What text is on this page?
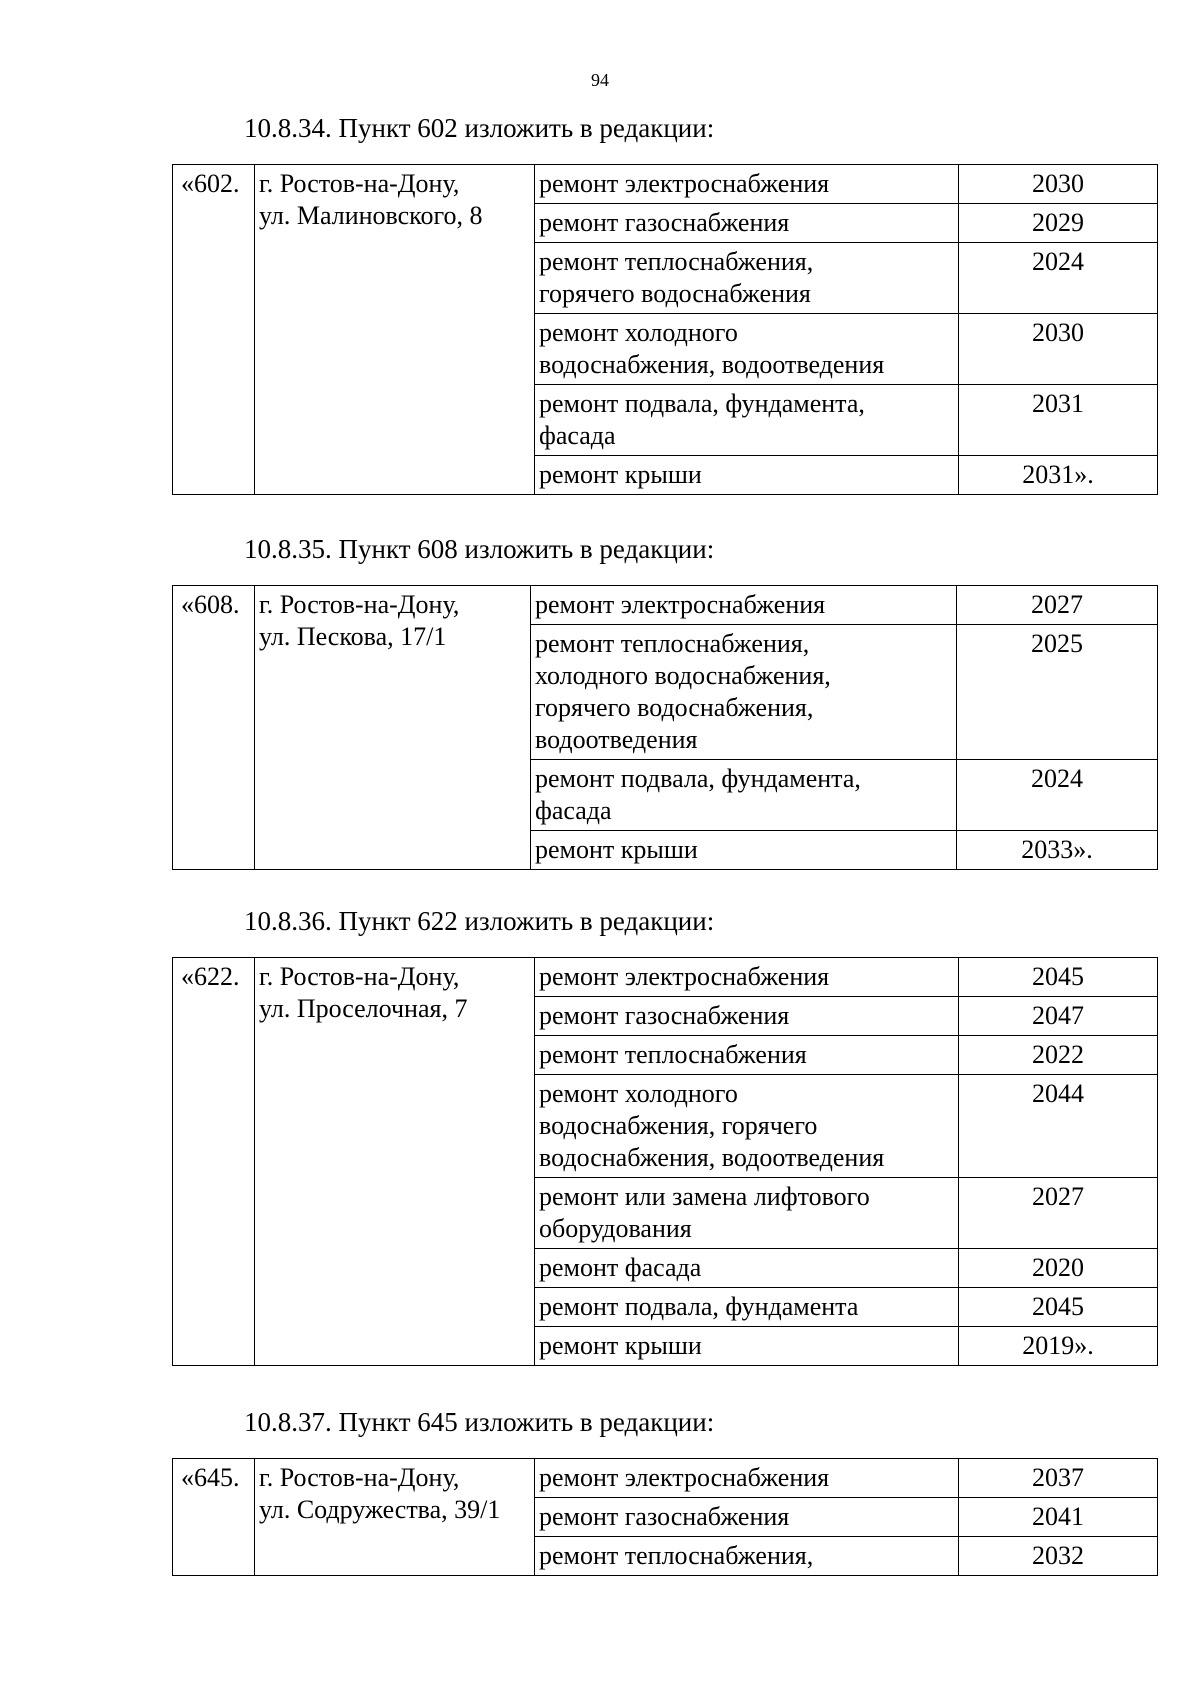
94

10.8.34. Пункт 602 изложить в редакции:

«602.	г. Ростов-на-Дону,
ул. Малиновского, 8	ремонт электроснабжения	2030
		ремонт газоснабжения	2029
		ремонт теплоснабжения,
горячего водоснабжения	2024
		ремонт холодного
водоснабжения, водоотведения	2030
		ремонт подвала, фундамента,
фасада	2031
		ремонт крыши	2031».

10.8.35. Пункт 608 изложить в редакции:

«608.	г. Ростов-на-Дону,
ул. Пескова, 17/1	ремонт электроснабжения	2027
		ремонт теплоснабжения,
холодного водоснабжения,
горячего водоснабжения,
водоотведения	2025
		ремонт подвала, фундамента,
фасада	2024
		ремонт крыши	2033».

10.8.36. Пункт 622 изложить в редакции:

«622.	г. Ростов-на-Дону,
ул. Проселочная, 7	ремонт электроснабжения	2045
		ремонт газоснабжения	2047
		ремонт теплоснабжения	2022
		ремонт холодного
водоснабжения, горячего
водоснабжения, водоотведения	2044
		ремонт или замена лифтового
оборудования	2027
		ремонт фасада	2020
		ремонт подвала, фундамента	2045
		ремонт крыши	2019».

10.8.37. Пункт 645 изложить в редакции:

«645.	г. Ростов-на-Дону,
ул. Содружества, 39/1	ремонт электроснабжения	2037
		ремонт газоснабжения	2041
		ремонт теплоснабжения,	2032
